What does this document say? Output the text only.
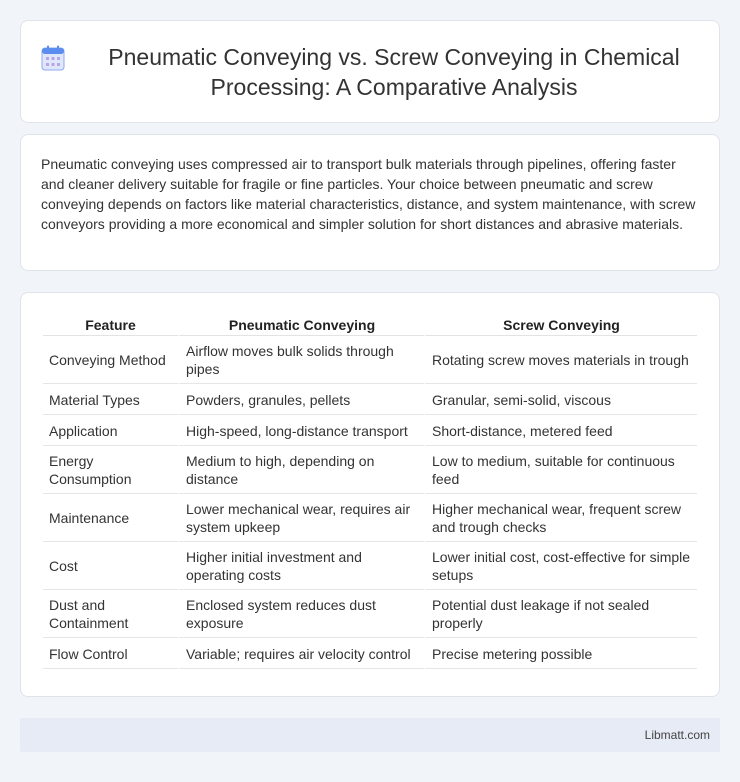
Pneumatic Conveying vs. Screw Conveying in Chemical Processing: A Comparative Analysis

Pneumatic conveying uses compressed air to transport bulk materials through pipelines, offering faster and cleaner delivery suitable for fragile or fine particles. Your choice between pneumatic and screw conveying depends on factors like material characteristics, distance, and system maintenance, with screw conveyors providing a more economical and simpler solution for short distances and abrasive materials.

Feature	Pneumatic Conveying	Screw Conveying
Conveying Method	Airflow moves bulk solids through pipes	Rotating screw moves materials in trough
Material Types	Powders, granules, pellets	Granular, semi-solid, viscous
Application	High-speed, long-distance transport	Short-distance, metered feed
Energy Consumption	Medium to high, depending on distance	Low to medium, suitable for continuous feed
Maintenance	Lower mechanical wear, requires air system upkeep	Higher mechanical wear, frequent screw and trough checks
Cost	Higher initial investment and operating costs	Lower initial cost, cost-effective for simple setups
Dust and Containment	Enclosed system reduces dust exposure	Potential dust leakage if not sealed properly
Flow Control	Variable; requires air velocity control	Precise metering possible
Libmatt.com
